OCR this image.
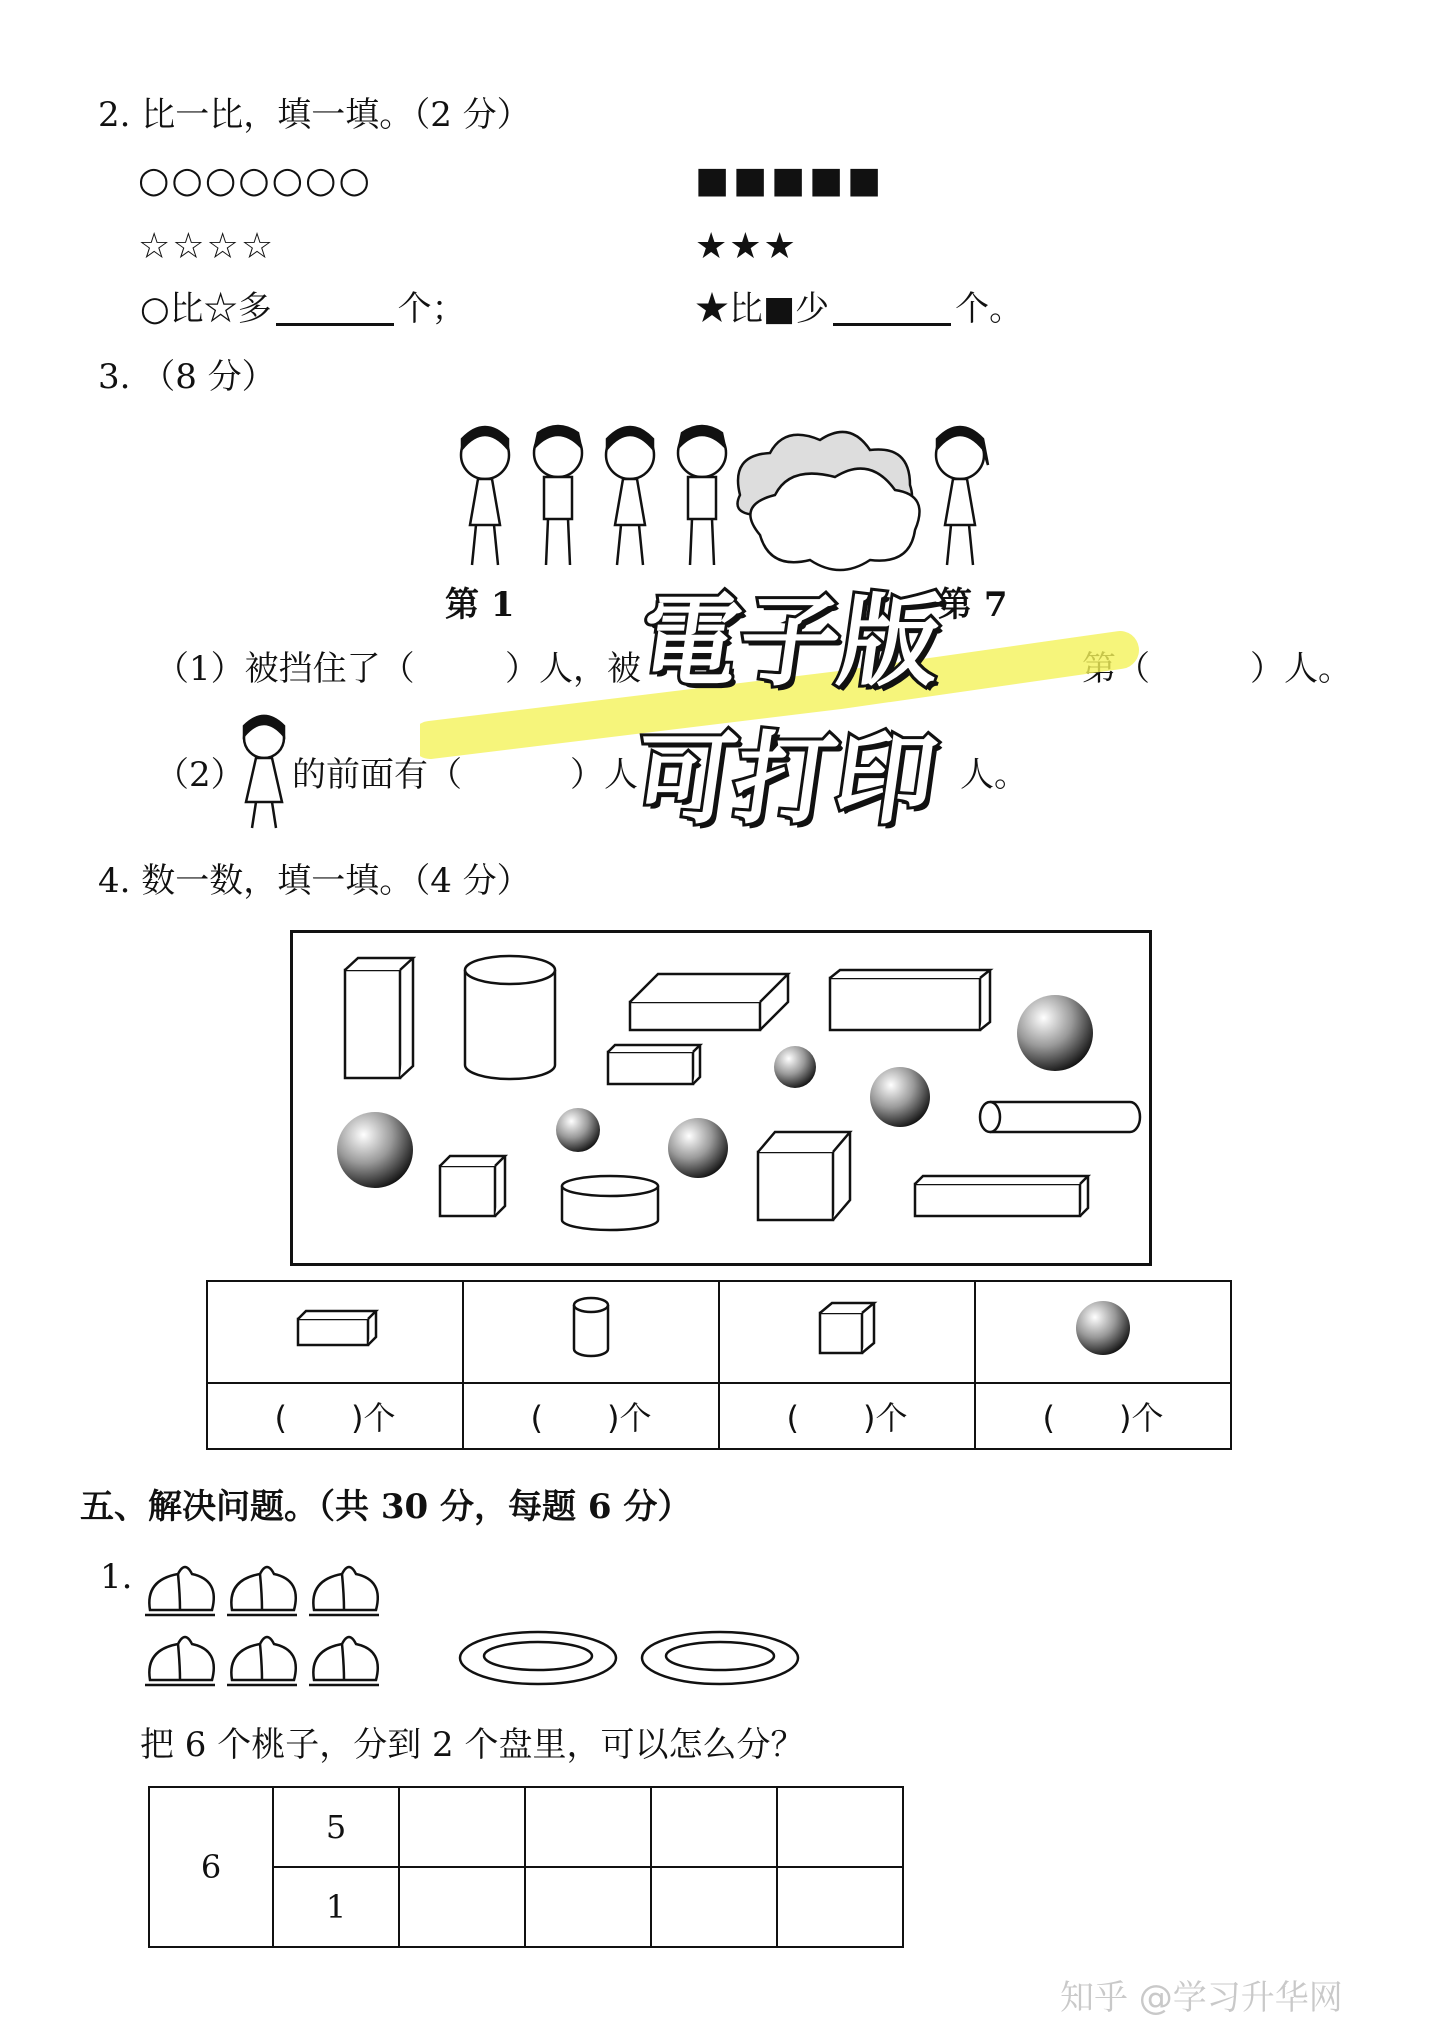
2. 比一比，填一填。（2 分）
○○○○○○○	■■■■■
☆☆☆☆	★★★
○比☆多	个；	★比■少	个。
3. （8 分）
第 1	第 7
（1）被挡住了（	）人，被	第（	）人。
（2） 的前面有（	）人	人。
電子版
可打印
4. 数一数，填一填。（4 分）

(　　)个	(　　)个	(　　)个	(　　)个
五、解决问题。（共 30 分，每题 6 分）
1.
把 6 个桃子，分到 2 个盘里，可以怎么分？
6	5				
	1				
知乎 @学习升华网
